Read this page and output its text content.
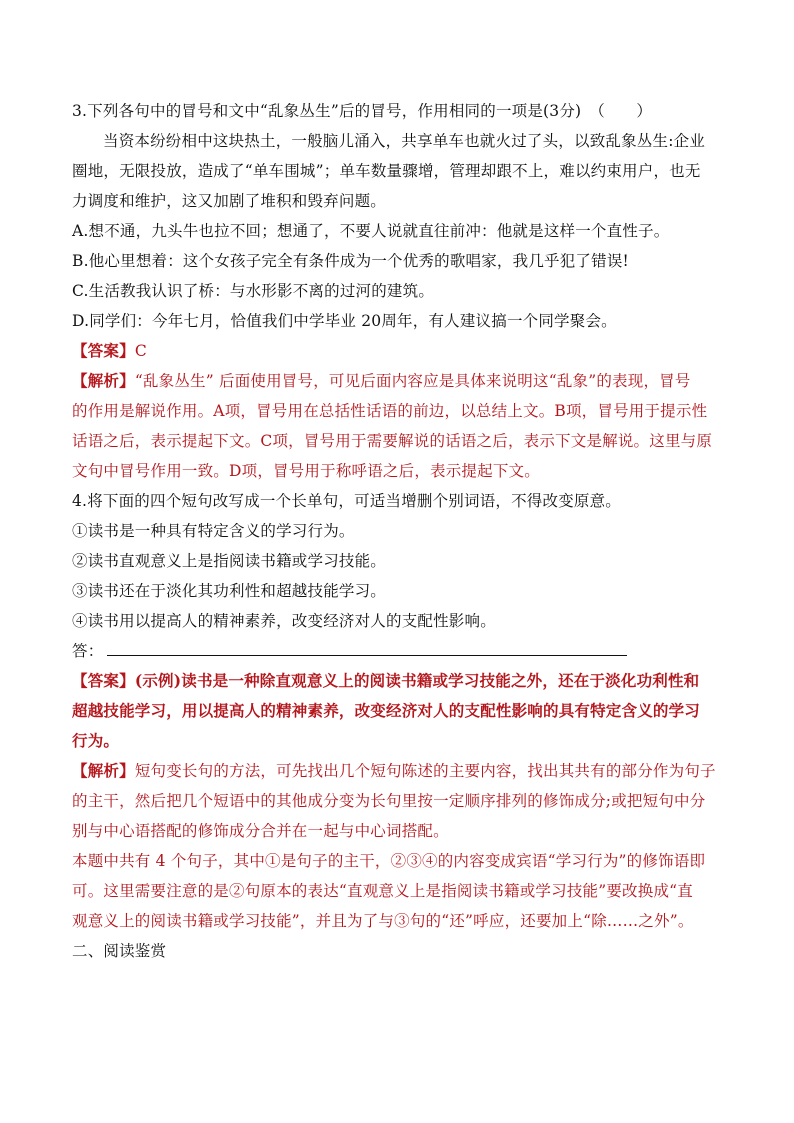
3.下列各句中的冒号和文中“乱象丛生”后的冒号，作用相同的一项是(3分)　（　　）
当资本纷纷相中这块热土，一般脑儿涌入，共享单车也就火过了头，以致乱象丛生:企业
圈地，无限投放，造成了“单车围城”；单车数量骤增，管理却跟不上，难以约束用户，也无
力调度和维护，这又加剧了堆积和毁弃问题。
A.想不通，九头牛也拉不回；想通了，不要人说就直往前冲：他就是这样一个直性子。
B.他心里想着：这个女孩子完全有条件成为一个优秀的歌唱家，我几乎犯了错误!
C.生活教我认识了桥：与水形影不离的过河的建筑。
D.同学们：今年七月，恰值我们中学毕业 20周年，有人建议搞一个同学聚会。
【答案】C
【解析】“乱象丛生” 后面使用冒号，可见后面内容应是具体来说明这“乱象”的表现，冒号
的作用是解说作用。A项，冒号用在总括性话语的前边，以总结上文。B项，冒号用于提示性
话语之后，表示提起下文。C项，冒号用于需要解说的话语之后，表示下文是解说。这里与原
文句中冒号作用一致。D项，冒号用于称呼语之后，表示提起下文。
4.将下面的四个短句改写成一个长单句，可适当增删个别词语，不得改变原意。
①读书是一种具有特定含义的学习行为。
②读书直观意义上是指阅读书籍或学习技能。
③读书还在于淡化其功利性和超越技能学习。
④读书用以提高人的精神素养，改变经济对人的支配性影响。
答：
【答案】(示例)读书是一种除直观意义上的阅读书籍或学习技能之外，还在于淡化功利性和
超越技能学习，用以提高人的精神素养，改变经济对人的支配性影响的具有特定含义的学习
行为。
【解析】短句变长句的方法，可先找出几个短句陈述的主要内容，找出其共有的部分作为句子
的主干，然后把几个短语中的其他成分变为长句里按一定顺序排列的修饰成分;或把短句中分
别与中心语搭配的修饰成分合并在一起与中心词搭配。
本题中共有 4 个句子，其中①是句子的主干，②③④的内容变成宾语“学习行为”的修饰语即
可。这里需要注意的是②句原本的表达“直观意义上是指阅读书籍或学习技能”要改换成“直
观意义上的阅读书籍或学习技能”，并且为了与③句的“还”呼应，还要加上“除……之外”。
二、阅读鉴赏
